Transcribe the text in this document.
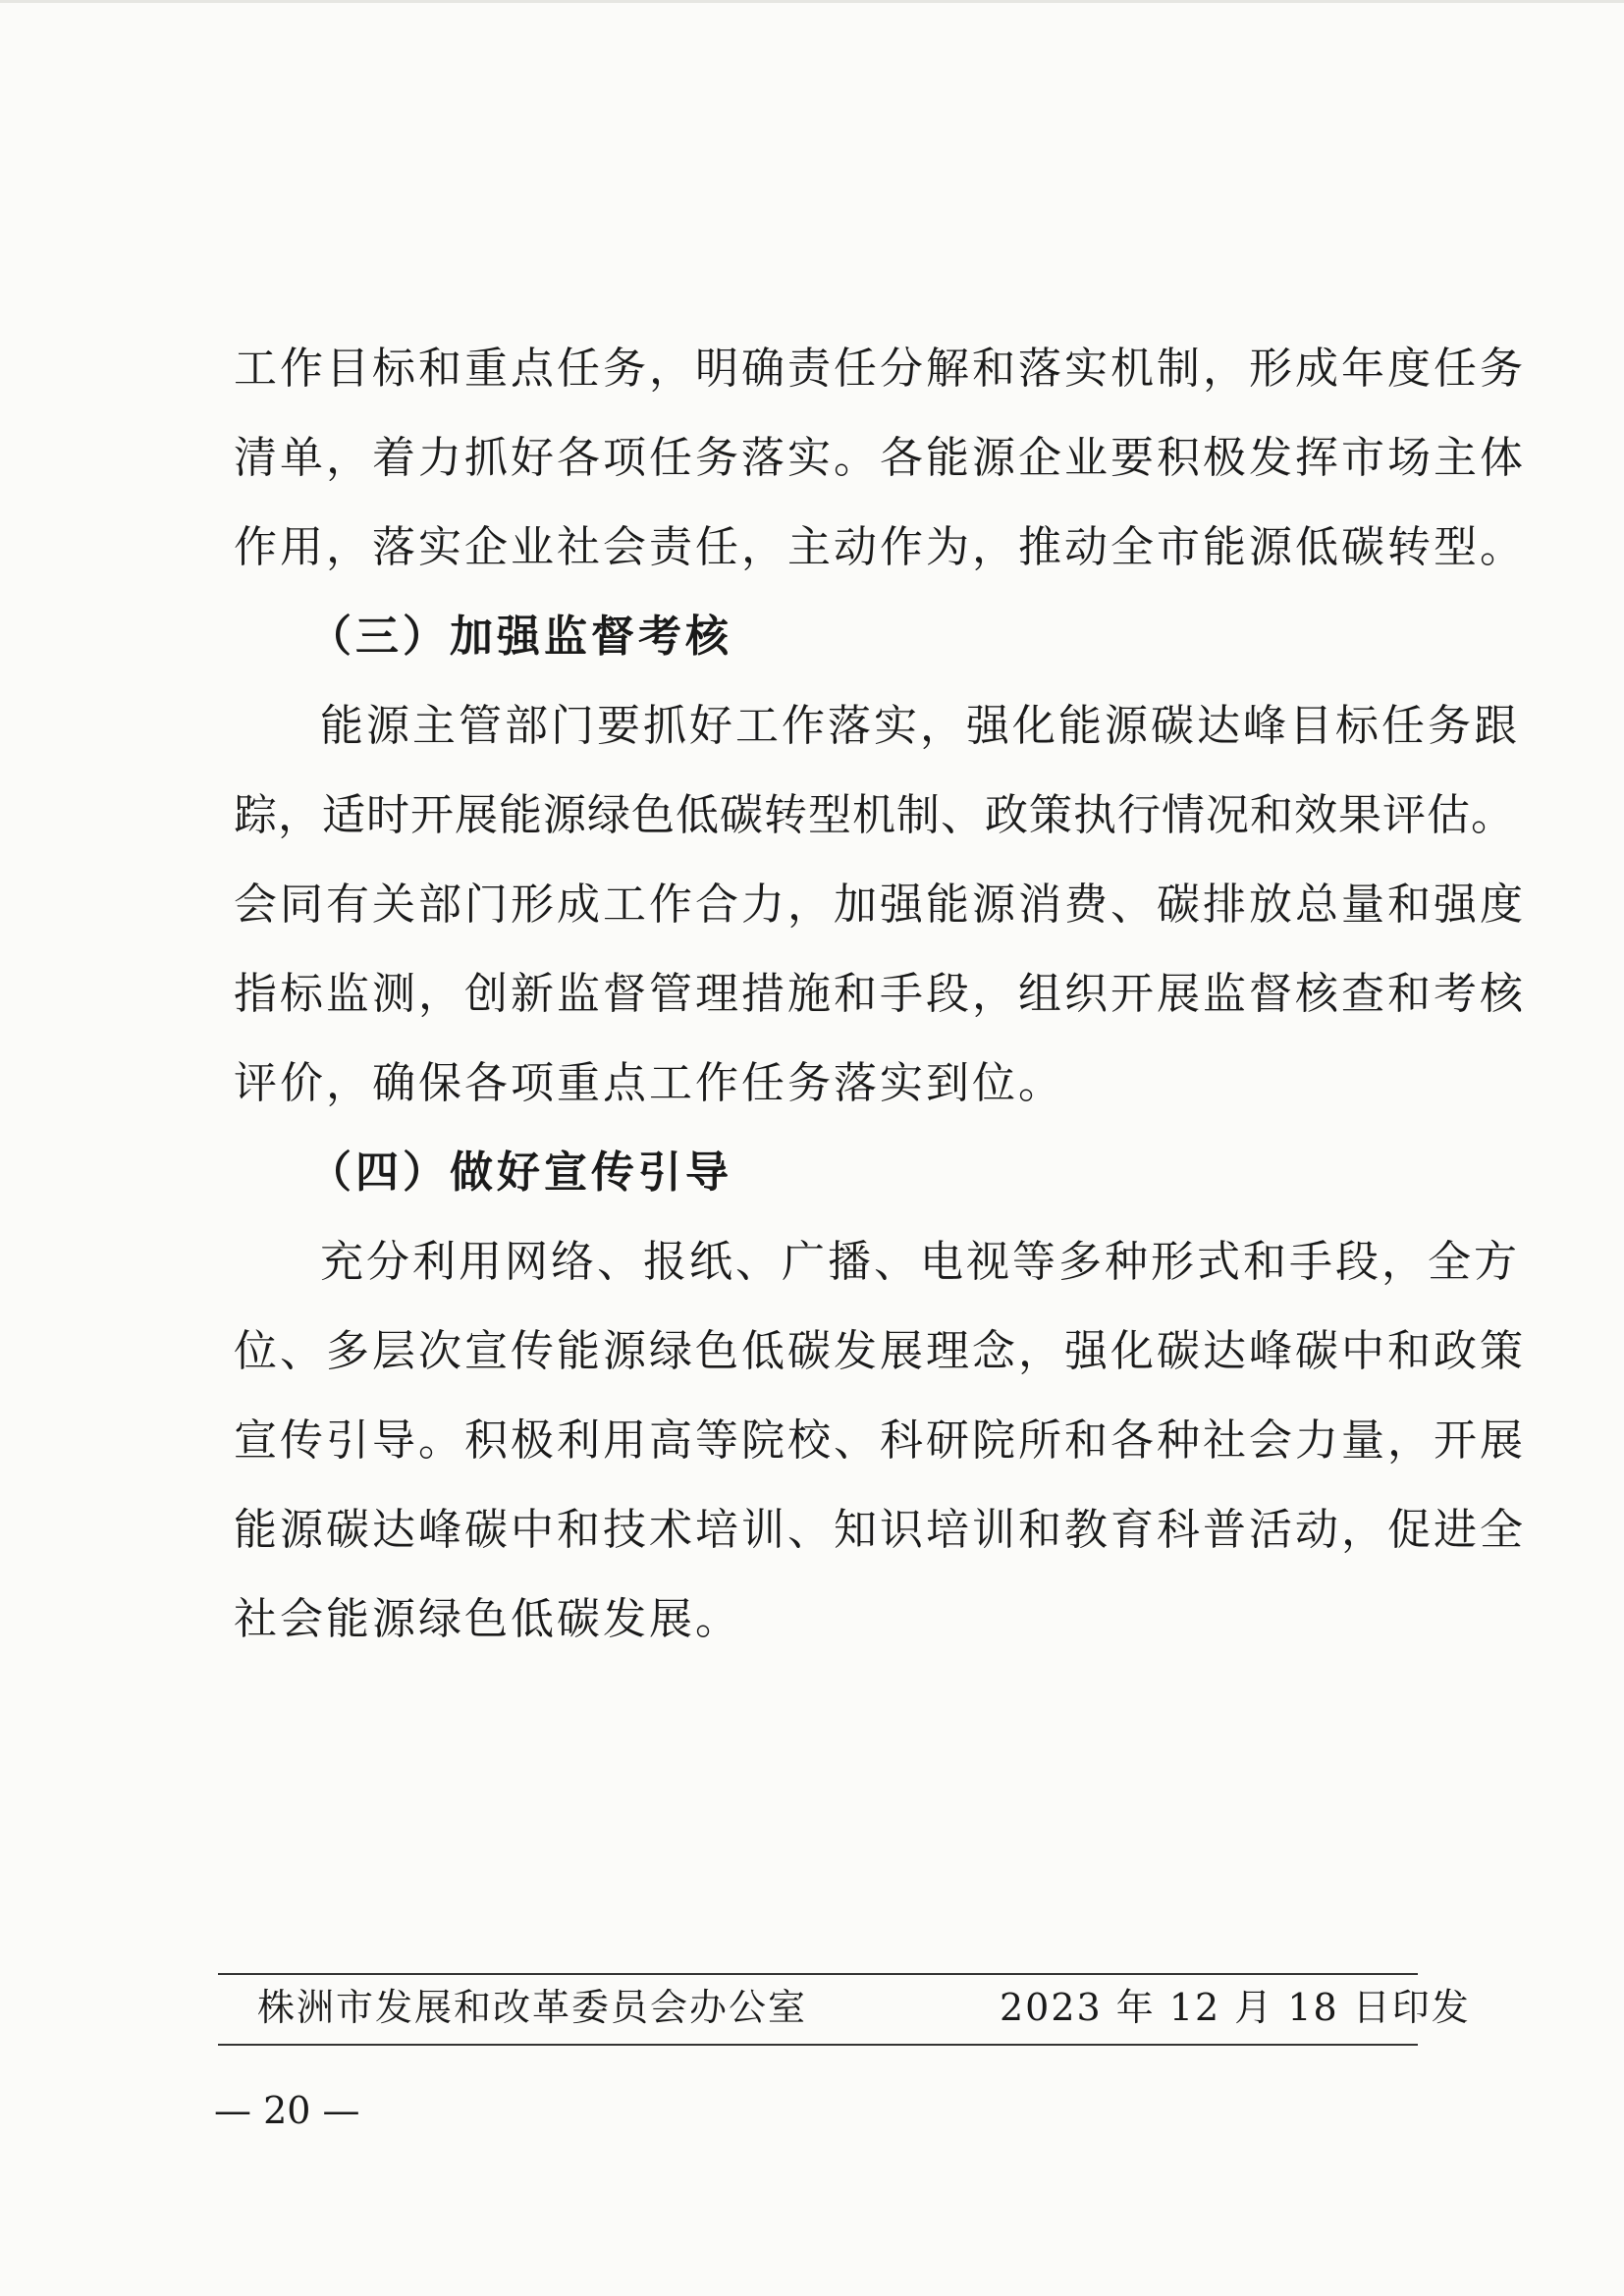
工作目标和重点任务，明确责任分解和落实机制，形成年度任务
清单，着力抓好各项任务落实。各能源企业要积极发挥市场主体
作用，落实企业社会责任，主动作为，推动全市能源低碳转型。
（三）加强监督考核
能源主管部门要抓好工作落实，强化能源碳达峰目标任务跟
踪，适时开展能源绿色低碳转型机制、政策执行情况和效果评估。
会同有关部门形成工作合力，加强能源消费、碳排放总量和强度
指标监测，创新监督管理措施和手段，组织开展监督核查和考核
评价，确保各项重点工作任务落实到位。
（四）做好宣传引导
充分利用网络、报纸、广播、电视等多种形式和手段，全方
位、多层次宣传能源绿色低碳发展理念，强化碳达峰碳中和政策
宣传引导。积极利用高等院校、科研院所和各种社会力量，开展
能源碳达峰碳中和技术培训、知识培训和教育科普活动，促进全
社会能源绿色低碳发展。
株洲市发展和改革委员会办公室	2023 年 12 月 18 日印发
— 20 —
